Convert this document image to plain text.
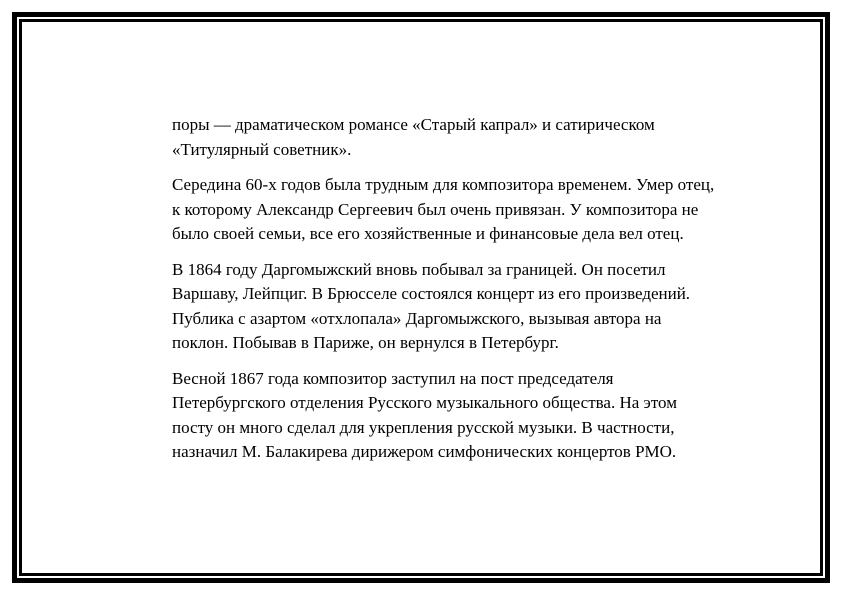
поры — драматическом романсе «Старый капрал» и сатирическом «Титулярный советник».

Середина 60-х годов была трудным для композитора временем. Умер отец, к которому Александр Сергеевич был очень привязан. У композитора не было своей семьи, все его хозяйственные и финансовые дела вел отец.

В 1864 году Даргомыжский вновь побывал за границей. Он посетил Варшаву, Лейпциг. В Брюсселе состоялся концерт из его произведений. Публика с азартом «отхлопала» Даргомыжского, вызывая автора на поклон. Побывав в Париже, он вернулся в Петербург.

Весной 1867 года композитор заступил на пост председателя Петербургского отделения Русского музыкального общества. На этом посту он много сделал для укрепления русской музыки. В частности, назначил М. Балакирева дирижером симфонических концертов РМО.
